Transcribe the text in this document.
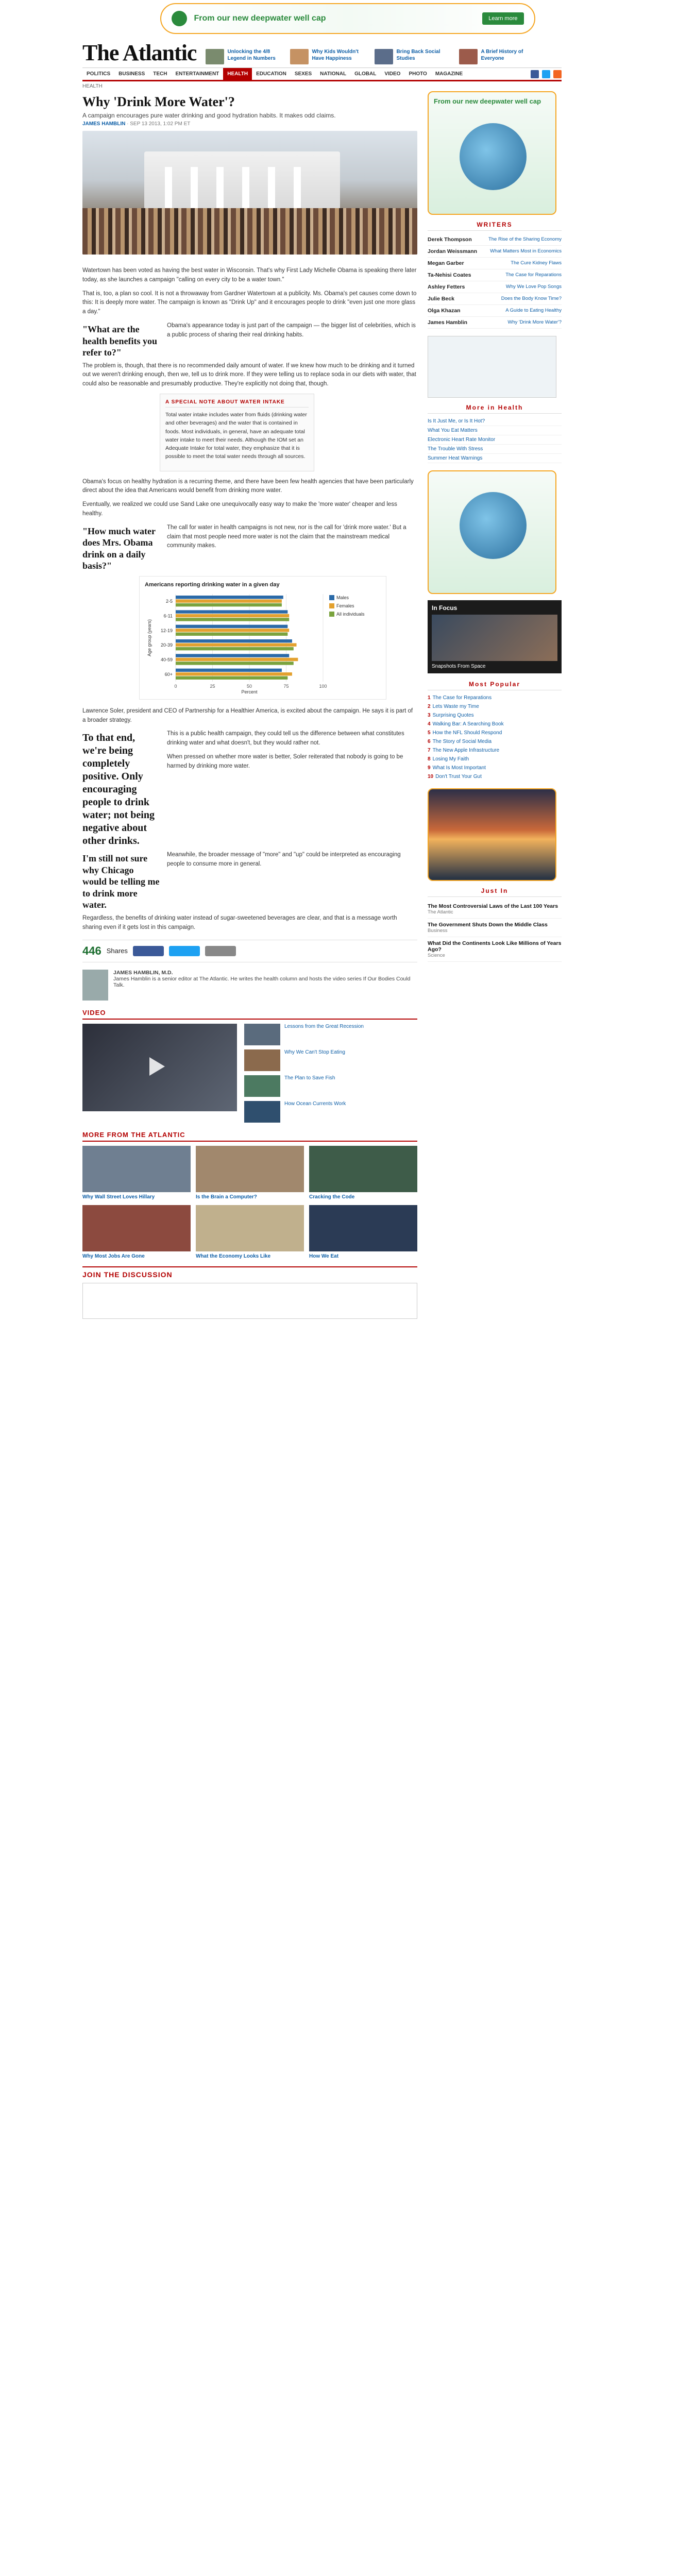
From our new deepwater well cap	Learn more
The Atlantic	Unlocking the 4/8 Legend in Numbers
Why Kids Wouldn't Have Happiness
Bring Back Social Studies
A Brief History of Everyone
POLITICS	BUSINESS	TECH	ENTERTAINMENT	HEALTH	EDUCATION	SEXES	NATIONAL	GLOBAL	VIDEO	PHOTO	MAGAZINE
HEALTH
Why 'Drink More Water'?
A campaign encourages pure water drinking and good hydration habits. It makes odd claims.
JAMES HAMBLIN · SEP 13 2013, 1:02 PM ET

Watertown has been voted as having the best water in Wisconsin. That's why First Lady Michelle Obama is speaking there later today, as she launches a campaign "calling on every city to be a water town."

That is, too, a plan so cool. It is not a throwaway from Gardner Watertown at a publicity. Ms. Obama's pet causes come down to this: It is deeply more water. The campaign is known as "Drink Up" and it encourages people to drink "even just one more glass a day."

"What are the health benefits you refer to?"

Obama's appearance today is just part of the campaign — the bigger list of celebrities, which is a public process of sharing their real drinking habits.

The problem is, though, that there is no recommended daily amount of water. If we knew how much to be drinking and it turned out we weren't drinking enough, then we, tell us to drink more. If they were telling us to replace soda in our diets with water, that could also be reasonable and presumably productive. They're explicitly not doing that, though.

A SPECIAL NOTE ABOUT WATER INTAKE

Total water intake includes water from fluids (drinking water and other beverages) and the water that is contained in foods. Most individuals, in general, have an adequate total water intake to meet their needs. Although the IOM set an Adequate Intake for total water, they emphasize that it is possible to meet the total water needs through all sources.

Obama's focus on healthy hydration is a recurring theme, and there have been few health agencies that have been particularly direct about the idea that Americans would benefit from drinking more water.

Eventually, we realized we could use Sand Lake one unequivocally easy way to make the 'more water' cheaper and less healthy.

"How much water does Mrs. Obama drink on a daily basis?"

The call for water in health campaigns is not new, nor is the call for 'drink more water.' But a claim that most people need more water is not the claim that the mainstream medical community makes.

Americans reporting drinking water in a given day
0	25	50	75	100
2-5
6-11
12-19
20-39
40-59
60+
Percent
Age group (years)
Males
Females
All individuals

Lawrence Soler, president and CEO of Partnership for a Healthier America, is excited about the campaign. He says it is part of a broader strategy.

To that end, we're being completely positive. Only encouraging people to drink water; not being negative about other drinks.

This is a public health campaign, they could tell us the difference between what constitutes drinking water and what doesn't, but they would rather not.

When pressed on whether more water is better, Soler reiterated that nobody is going to be harmed by drinking more water.

I'm still not sure why Chicago would be telling me to drink more water.

Meanwhile, the broader message of "more" and "up" could be interpreted as encouraging people to consume more in general.

Regardless, the benefits of drinking water instead of sugar-sweetened beverages are clear, and that is a message worth sharing even if it gets lost in this campaign.

446 Shares
JAMES HAMBLIN, M.D.
James Hamblin is a senior editor at The Atlantic. He writes the health column and hosts the video series If Our Bodies Could Talk.
VIDEO
Lessons from the Great Recession
Why We Can't Stop Eating
The Plan to Save Fish
How Ocean Currents Work
MORE FROM THE ATLANTIC
Why Wall Street Loves Hillary	Is the Brain a Computer?	Cracking the Code
Why Most Jobs Are Gone	What the Economy Looks Like	How We Eat
JOIN THE DISCUSSION
From our new deepwater well cap
WRITERS
Derek Thompson	The Rise of the Sharing Economy
Jordan Weissmann	What Matters Most in Economics
Megan Garber	The Cure Kidney Flaws
Ta-Nehisi Coates	The Case for Reparations
Ashley Fetters	Why We Love Pop Songs
Julie Beck	Does the Body Know Time?
Olga Khazan	A Guide to Eating Healthy
James Hamblin	Why 'Drink More Water'?
More in Health
Is It Just Me, or Is It Hot?
What You Eat Matters
Electronic Heart Rate Monitor
The Trouble With Stress
Summer Heat Warnings
In Focus
Snapshots From Space
Most Popular
1 The Case for Reparations
2 Lets Waste my Time
3 Surprising Quotes
4 Walking Bar: A Searching Book
5 How the NFL Should Respond
6 The Story of Social Media
7 The New Apple Infrastructure
8 Losing My Faith
9 What Is Most Important
10 Don't Trust Your Gut
Just In
The Most Controversial Laws of the Last 100 Years
The Atlantic
The Government Shuts Down the Middle Class
Business
What Did the Continents Look Like Millions of Years Ago?
Science
